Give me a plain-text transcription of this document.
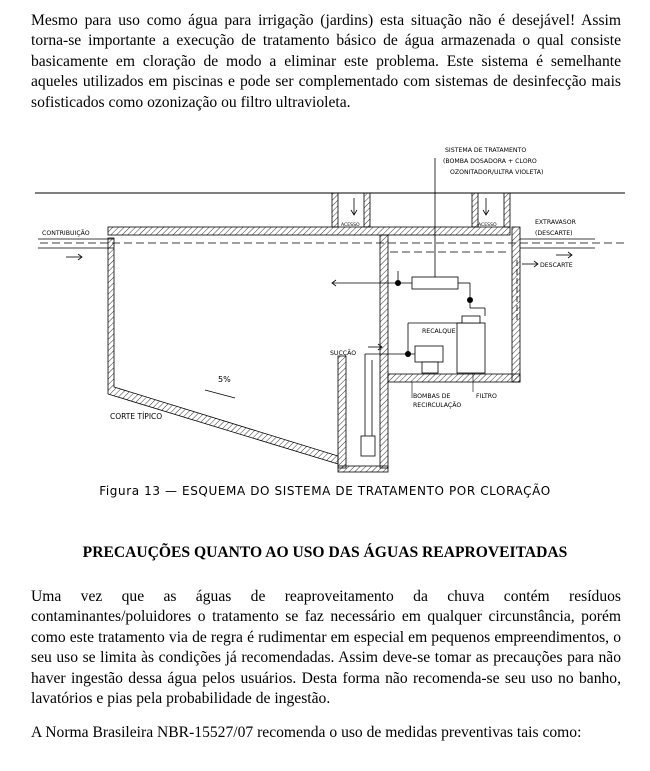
Mesmo para uso como água para irrigação (jardins) esta situação não é desejável! Assim torna-se importante a execução de tratamento básico de água armazenada o qual consiste basicamente em cloração de modo a eliminar este problema. Este sistema é semelhante aqueles utilizados em piscinas e pode ser complementado com sistemas de desinfecção mais sofisticados como ozonização ou filtro ultravioleta.

SISTEMA DE TRATAMENTO
(BOMBA DOSADORA + CLORO
OZONITADOR/ULTRA VIOLETA)
CONTRIBUIÇÃO
ACESSO	ACESSO	EXTRAVASOR
(DESCARTE)
DESCARTE
RECALQUE
SUCÇÃO
5%
CORTE TÍPICO
BOMBAS DE
RECIRCULAÇÃO
FILTRO
Figura 13 — ESQUEMA DO SISTEMA DE TRATAMENTO POR CLORAÇÃO
PRECAUÇÕES QUANTO AO USO DAS ÁGUAS REAPROVEITADAS

Uma vez que as águas de reaproveitamento da chuva contém resíduos contaminantes/poluidores o tratamento se faz necessário em qualquer circunstância, porém como este tratamento via de regra é rudimentar em especial em pequenos empreendimentos, o seu uso se limita às condições já recomendadas. Assim deve-se tomar as precauções para não haver ingestão dessa água pelos usuários. Desta forma não recomenda-se seu uso no banho, lavatórios e pias pela probabilidade de ingestão.

A Norma Brasileira NBR-15527/07 recomenda o uso de medidas preventivas tais como:
